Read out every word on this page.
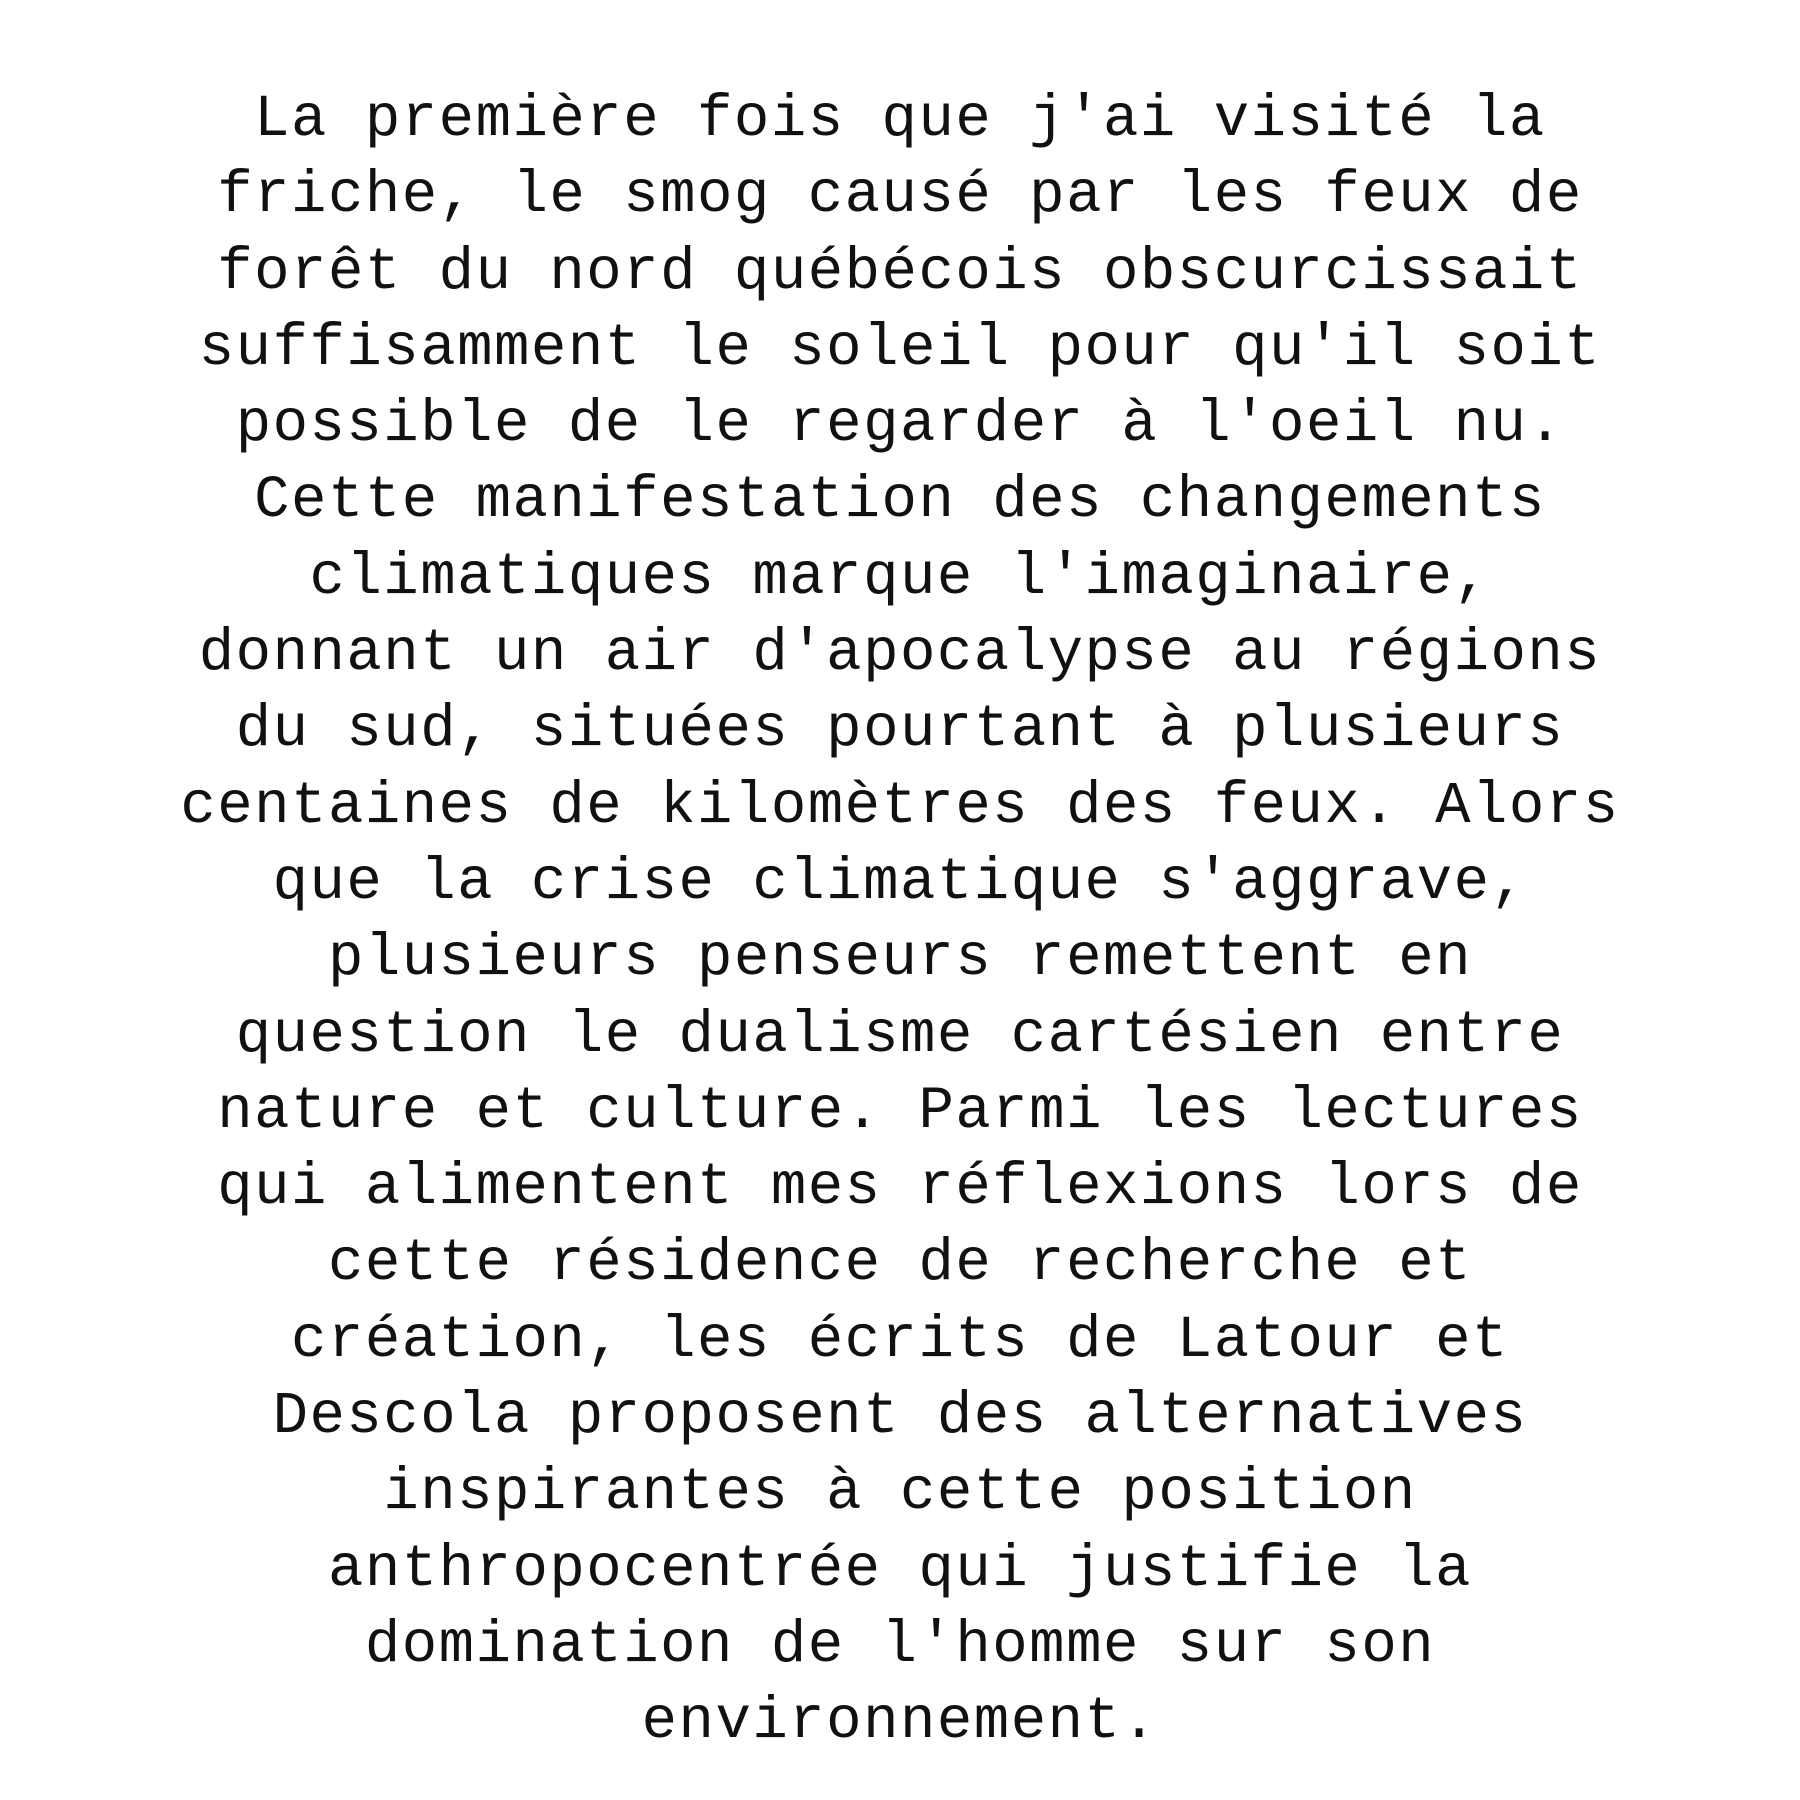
La première fois que j'ai visité la
friche, le smog causé par les feux de
forêt du nord québécois obscurcissait
suffisamment le soleil pour qu'il soit
possible de le regarder à l'oeil nu.
Cette manifestation des changements
climatiques marque l'imaginaire,
donnant un air d'apocalypse au régions
du sud, situées pourtant à plusieurs
centaines de kilomètres des feux. Alors
que la crise climatique s'aggrave,
plusieurs penseurs remettent en
question le dualisme cartésien entre
nature et culture. Parmi les lectures
qui alimentent mes réflexions lors de
cette résidence de recherche et
création, les écrits de Latour et
Descola proposent des alternatives
inspirantes à cette position
anthropocentrée qui justifie la
domination de l'homme sur son
environnement.
